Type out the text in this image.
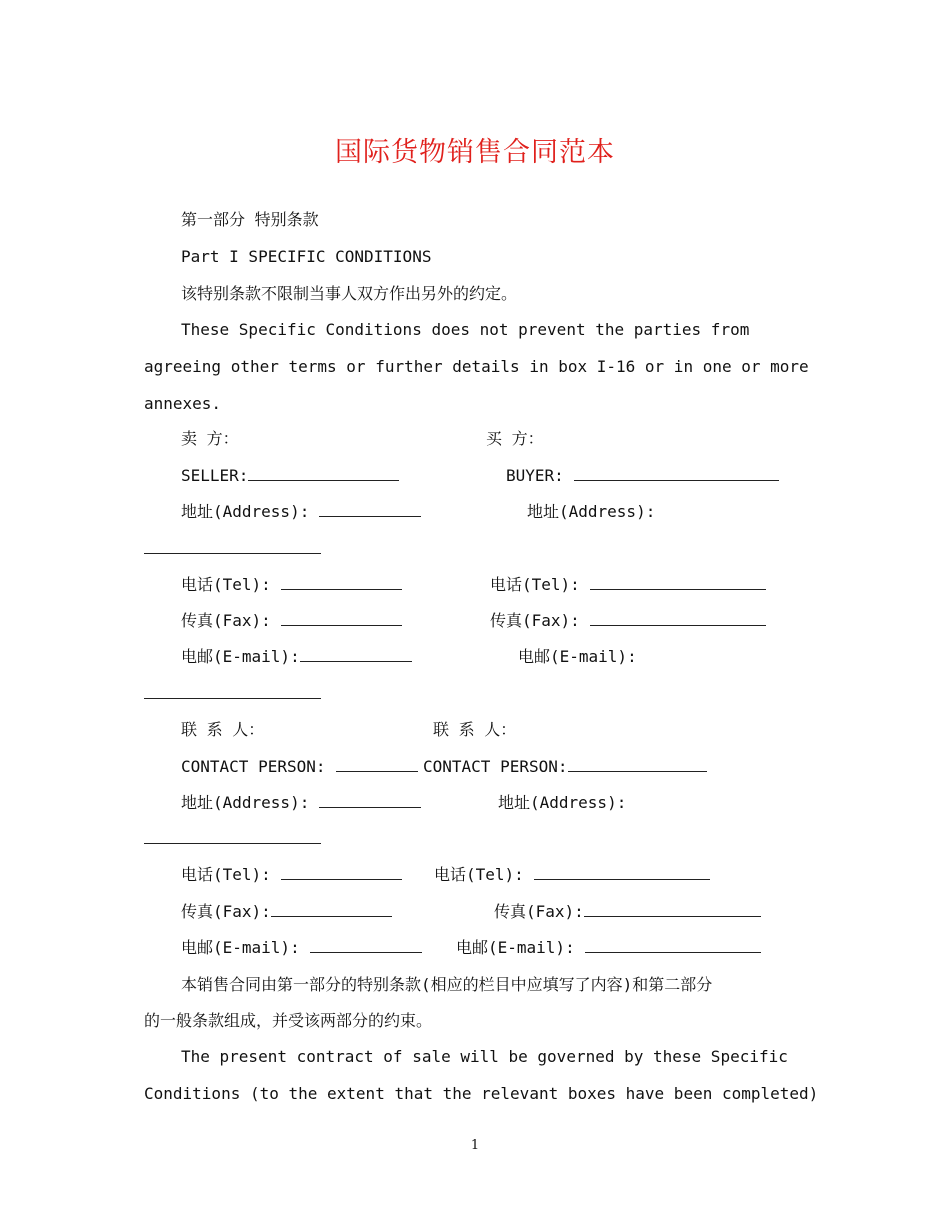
国际货物销售合同范本
第一部分 特别条款
Part I SPECIFIC CONDITIONS
该特别条款不限制当事人双方作出另外的约定。
These Specific Conditions does not prevent the parties from
agreeing other terms or further details in box I-16 or in one or more
annexes.
卖 方：	买 方：
SELLER:	BUYER:
地址(Address):	地址(Address):
电话(Tel):	电话(Tel):
传真(Fax):	传真(Fax):
电邮(E-mail):	电邮(E-mail):
联 系 人：	联 系 人：
CONTACT PERSON:	CONTACT PERSON:
地址(Address):	地址(Address):
电话(Tel):	电话(Tel):
传真(Fax):	传真(Fax):
电邮(E-mail):	电邮(E-mail):
本销售合同由第一部分的特别条款(相应的栏目中应填写了内容)和第二部分
的一般条款组成，并受该两部分的约束。
The present contract of sale will be governed by these Specific
Conditions (to the extent that the relevant boxes have been completed)
1
